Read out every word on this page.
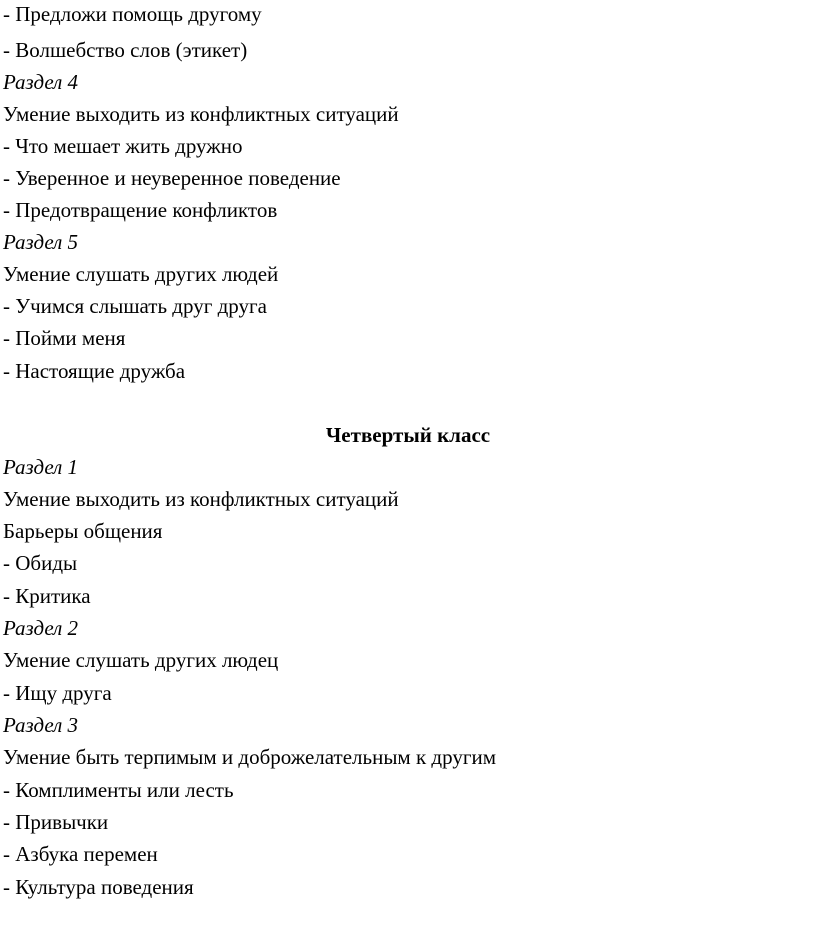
- Предложи помощь другому
- Волшебство слов (этикет)
Раздел 4
Умение выходить из конфликтных ситуаций
- Что мешает жить дружно
- Уверенное и неуверенное поведение
- Предотвращение конфликтов
Раздел 5
Умение слушать других людей
- Учимся слышать друг друга
- Пойми меня
- Настоящие дружба
Четвертый класс
Раздел 1
Умение выходить из конфликтных ситуаций
Барьеры общения
- Обиды
- Критика
Раздел 2
Умение слушать других людец
- Ищу друга
Раздел 3
Умение быть терпимым и доброжелательным к другим
- Комплименты или лесть
- Привычки
- Азбука перемен
- Культура поведения
